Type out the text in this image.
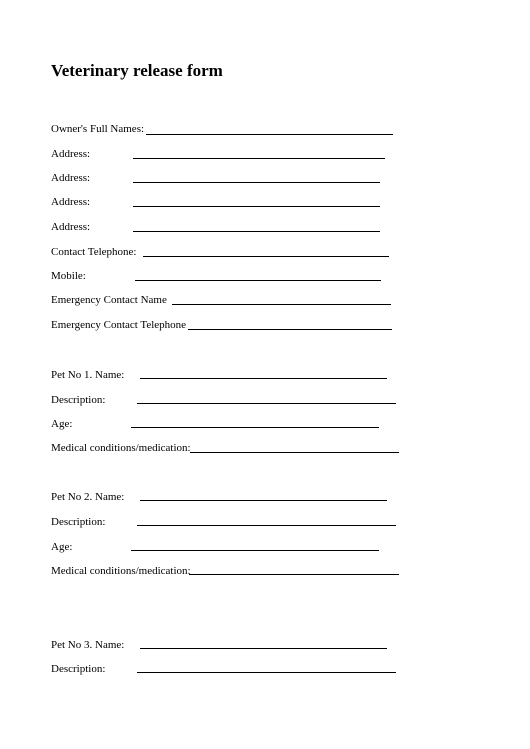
Veterinary release form
Owner's Full Names:
Address:
Address:
Address:
Address:
Contact Telephone:
Mobile:
Emergency Contact Name
Emergency Contact Telephone
Pet No 1. Name:
Description:
Age:
Medical conditions/medication:
Pet No 2. Name:
Description:
Age:
Medical conditions/medication:
Pet No 3. Name:
Description:
